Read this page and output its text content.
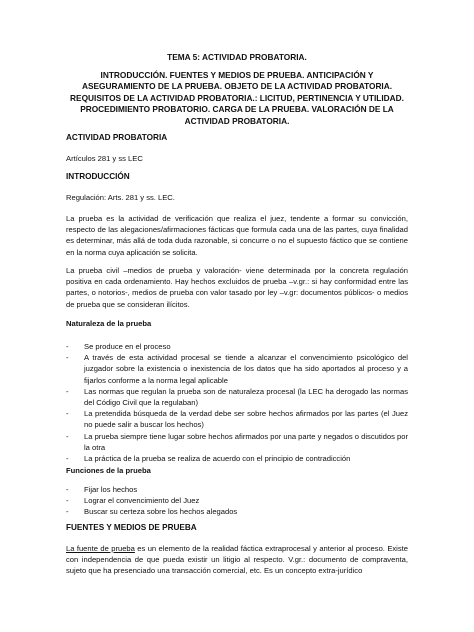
TEMA 5: ACTIVIDAD PROBATORIA.
INTRODUCCIÓN. FUENTES Y MEDIOS DE PRUEBA. ANTICIPACIÓN Y ASEGURAMIENTO DE LA PRUEBA. OBJETO DE LA ACTIVIDAD PROBATORIA. REQUISITOS DE LA ACTIVIDAD PROBATORIA.: LICITUD, PERTINENCIA Y UTILIDAD. PROCEDIMIENTO PROBATORIO. CARGA DE LA PRUEBA. VALORACIÓN DE LA ACTIVIDAD PROBATORIA.
ACTIVIDAD PROBATORIA
Artículos 281 y ss LEC
INTRODUCCIÓN
Regulación: Arts. 281 y ss. LEC.
La prueba es la actividad de verificación que realiza el juez, tendente a formar su convicción, respecto de las alegaciones/afirmaciones fácticas que formula cada una de las partes, cuya finalidad es determinar, más allá de toda duda razonable, si concurre o no el supuesto fáctico que se contiene en la norma cuya aplicación se solicita.
La prueba civil –medios de prueba y valoración- viene determinada por la concreta regulación positiva en cada ordenamiento. Hay hechos excluidos de prueba –v.gr.: si hay conformidad entre las partes, o notorios-, medios de prueba con valor tasado por ley –v.gr: documentos públicos- o medios de prueba que se consideran ilícitos.
Naturaleza de la prueba
- Se produce en el proceso
- A través de esta actividad procesal se tiende a alcanzar el convencimiento psicológico del juzgador sobre la existencia o inexistencia de los datos que ha sido aportados al proceso y a fijarlos conforme a la norma legal aplicable
- Las normas que regulan la prueba son de naturaleza procesal (la LEC ha derogado las normas del Código Civil que la regulaban)
- La pretendida búsqueda de la verdad debe ser sobre hechos afirmados por las partes (el Juez no puede salir a buscar los hechos)
- La prueba siempre tiene lugar sobre hechos afirmados por una parte y negados o discutidos por la otra
- La práctica de la prueba se realiza de acuerdo con el principio de contradicción
Funciones de la prueba
- Fijar los hechos
- Lograr el convencimiento del Juez
- Buscar su certeza sobre los hechos alegados
FUENTES Y MEDIOS DE PRUEBA
La fuente de prueba es un elemento de la realidad fáctica extraprocesal y anterior al proceso. Existe con independencia de que pueda existir un litigio al respecto. V.gr.: documento de compraventa, sujeto que ha presenciado una transacción comercial, etc. Es un concepto extra-jurídico
